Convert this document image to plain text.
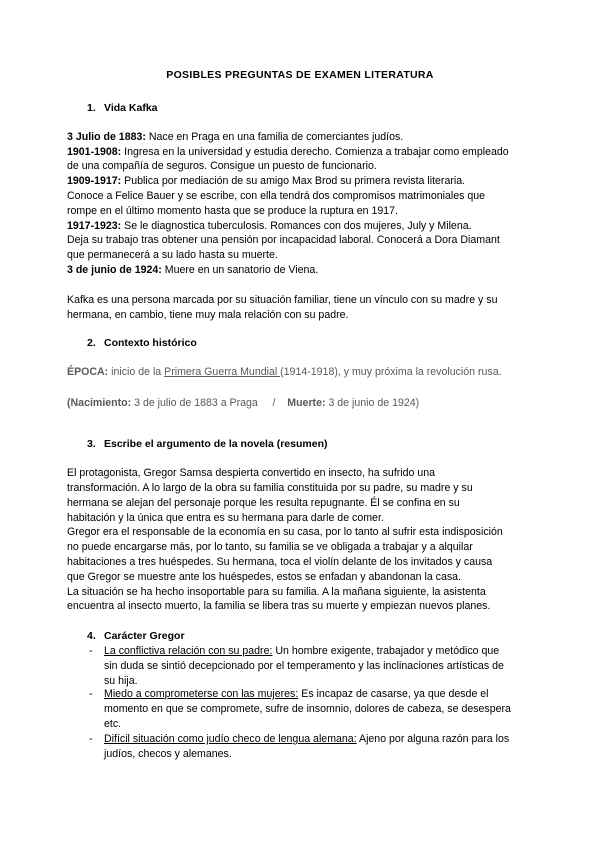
POSIBLES PREGUNTAS DE EXAMEN LITERATURA
1. Vida Kafka
3 Julio de 1883: Nace en Praga en una familia de comerciantes judíos.
1901-1908: Ingresa en la universidad y estudia derecho. Comienza a trabajar como empleado
de una compañía de seguros. Consigue un puesto de funcionario.
1909-1917: Publica por mediación de su amigo Max Brod su primera revista literaria.
Conoce a Felice Bauer y se escribe, con ella tendrá dos compromisos matrimoniales que
rompe en el último momento hasta que se produce la ruptura en 1917.
1917-1923: Se le diagnostica tuberculosis. Romances con dos mujeres, July y Milena.
Deja su trabajo tras obtener una pensión por incapacidad laboral. Conocerá a Dora Diamant
que permanecerá a su lado hasta su muerte.
3 de junio de 1924: Muere en un sanatorio de Viena.
Kafka es una persona marcada por su situación familiar, tiene un vínculo con su madre y su
hermana, en cambio, tiene muy mala relación con su padre.
2. Contexto histórico
ÉPOCA: inicio de la Primera Guerra Mundial (1914-1918), y muy próxima la revolución rusa.
(Nacimiento: 3 de julio de 1883 a Praga     /    Muerte: 3 de junio de 1924)
3. Escribe el argumento de la novela (resumen)
El protagonista, Gregor Samsa despierta convertido en insecto, ha sufrido una
transformación. A lo largo de la obra su familia constituida por su padre, su madre y su
hermana se alejan del personaje porque les resulta repugnante. Él se confina en su
habitación y la única que entra es su hermana para darle de comer.
Gregor era el responsable de la economía en su casa, por lo tanto al sufrir esta indisposición
no puede encargarse más, por lo tanto, su familia se ve obligada a trabajar y a alquilar
habitaciones a tres huéspedes. Su hermana, toca el violín delante de los invitados y causa
que Gregor se muestre ante los huéspedes, estos se enfadan y abandonan la casa.
La situación se ha hecho insoportable para su familia. A la mañana siguiente, la asistenta
encuentra al insecto muerto, la familia se libera tras su muerte y empiezan nuevos planes.
4. Carácter Gregor
- La conflictiva relación con su padre: Un hombre exigente, trabajador y metódico que
sin duda se sintió decepcionado por el temperamento y las inclinaciones artísticas de
su hija.
- Miedo a comprometerse con las mujeres: Es incapaz de casarse, ya que desde el
momento en que se compromete, sufre de insomnio, dolores de cabeza, se desespera
etc.
- Difícil situación como judío checo de lengua alemana: Ajeno por alguna razón para los
judíos, checos y alemanes.
